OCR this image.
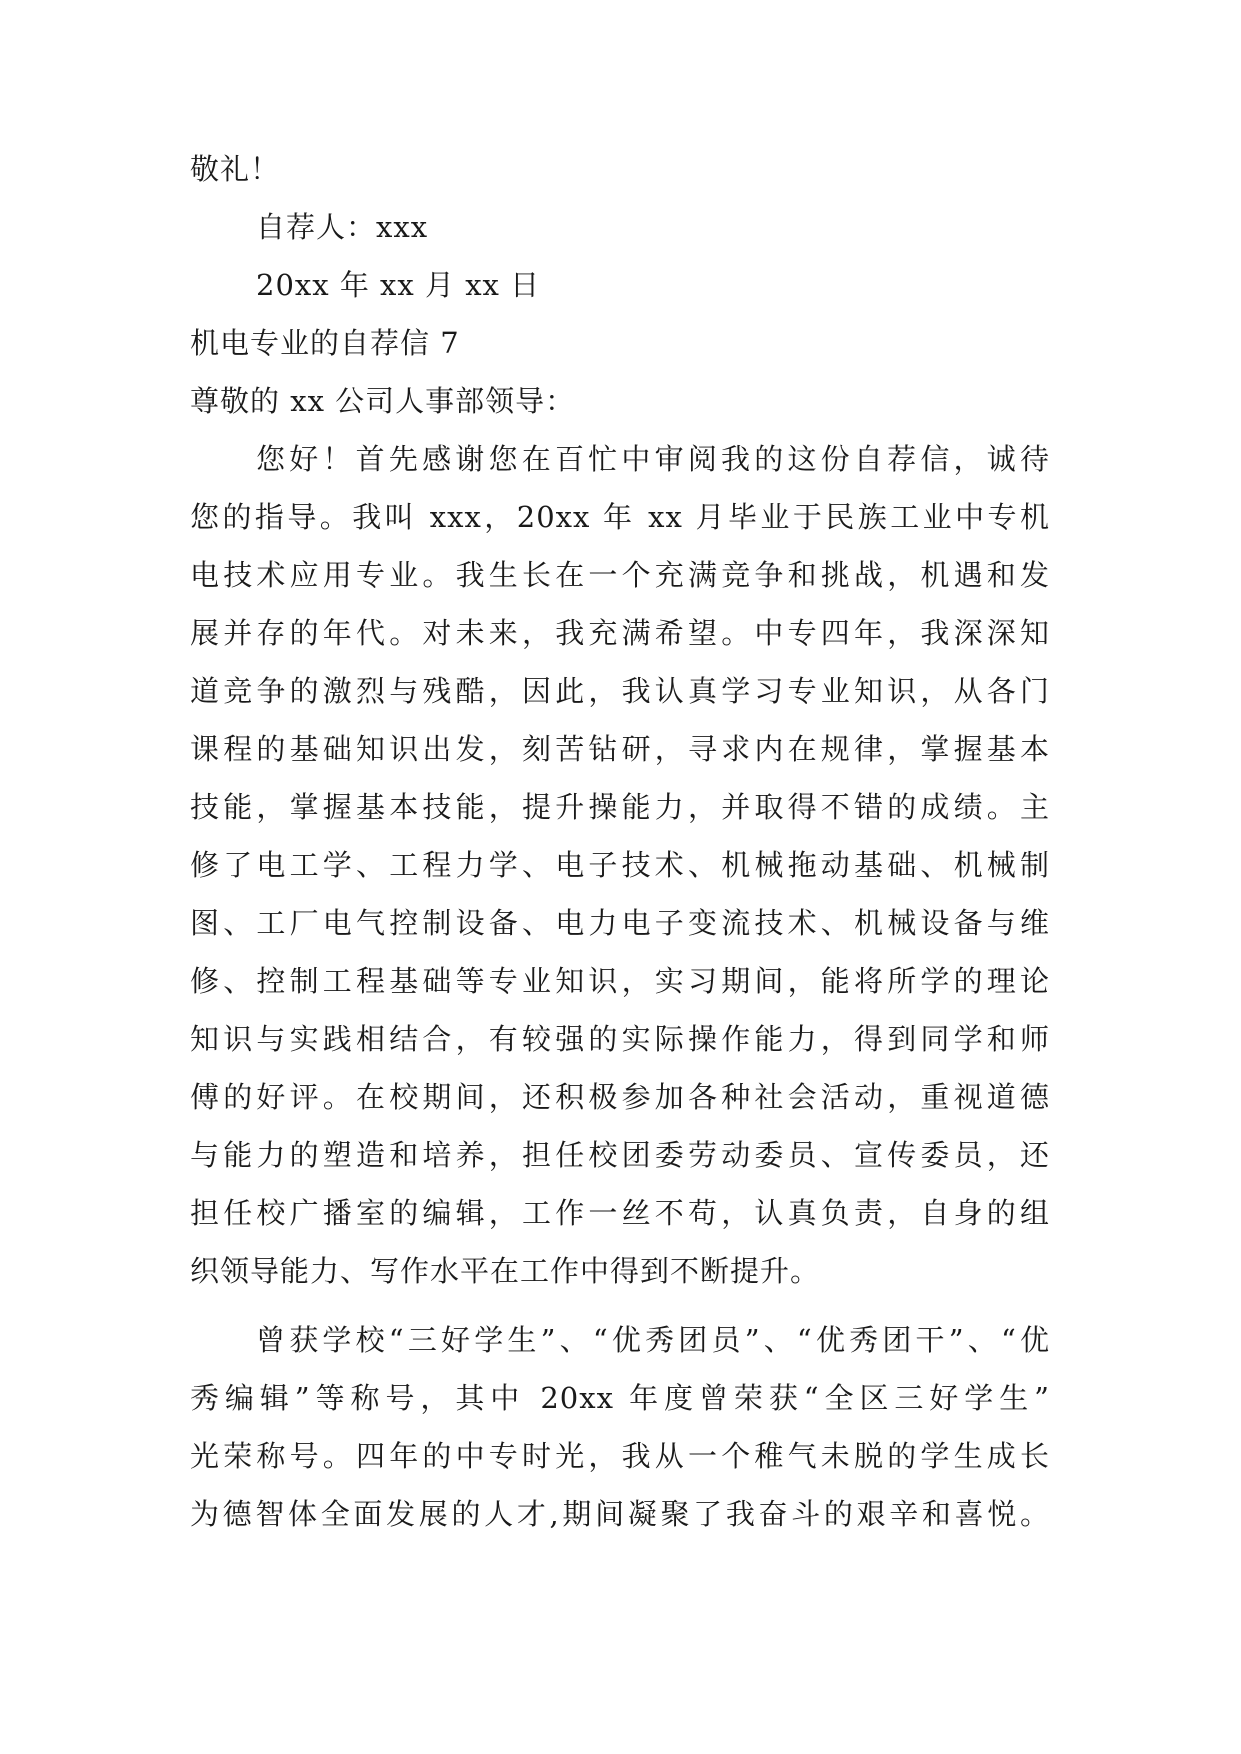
敬礼！
自荐人：xxx
20xx 年 xx 月 xx 日
机电专业的自荐信 7
尊敬的 xx 公司人事部领导：
您好！首先感谢您在百忙中审阅我的这份自荐信，诚待
您的指导。我叫 xxx，20xx 年 xx 月毕业于民族工业中专机
电技术应用专业。我生长在一个充满竞争和挑战，机遇和发
展并存的年代。对未来，我充满希望。中专四年，我深深知
道竞争的激烈与残酷，因此，我认真学习专业知识，从各门
课程的基础知识出发，刻苦钻研，寻求内在规律，掌握基本
技能，掌握基本技能，提升操能力，并取得不错的成绩。主
修了电工学、工程力学、电子技术、机械拖动基础、机械制
图、工厂电气控制设备、电力电子变流技术、机械设备与维
修、控制工程基础等专业知识，实习期间，能将所学的理论
知识与实践相结合，有较强的实际操作能力，得到同学和师
傅的好评。在校期间，还积极参加各种社会活动，重视道德
与能力的塑造和培养，担任校团委劳动委员、宣传委员，还
担任校广播室的编辑，工作一丝不苟，认真负责，自身的组
织领导能力、写作水平在工作中得到不断提升。
曾获学校“三好学生”、“优秀团员”、“优秀团干”、“优
秀编辑”等称号，其中 20xx 年度曾荣获“全区三好学生”
光荣称号。四年的中专时光，我从一个稚气未脱的学生成长
为德智体全面发展的人才,期间凝聚了我奋斗的艰辛和喜悦。
